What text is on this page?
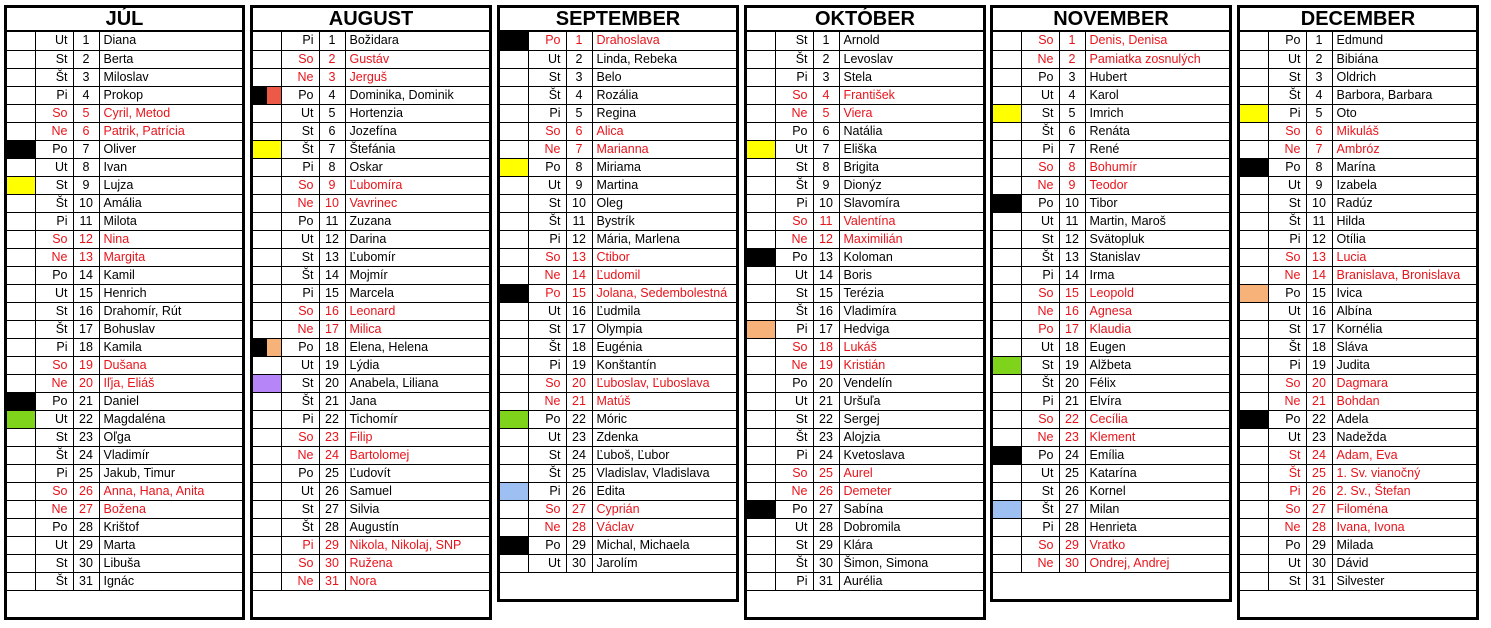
JÚL
	Ut	1	Diana
	St	2	Berta
	Št	3	Miloslav
	Pi	4	Prokop
	So	5	Cyril, Metod
	Ne	6	Patrik, Patrícia
	Po	7	Oliver
	Ut	8	Ivan
	St	9	Lujza
	Št	10	Amália
	Pi	11	Milota
	So	12	Nina
	Ne	13	Margita
	Po	14	Kamil
	Ut	15	Henrich
	St	16	Drahomír, Rút
	Št	17	Bohuslav
	Pi	18	Kamila
	So	19	Dušana
	Ne	20	Iľja, Eliáš
	Po	21	Daniel
	Ut	22	Magdaléna
	St	23	Oľga
	Št	24	Vladimír
	Pi	25	Jakub, Timur
	So	26	Anna, Hana, Anita
	Ne	27	Božena
	Po	28	Krištof
	Ut	29	Marta
	St	30	Libuša
	Št	31	Ignác
AUGUST
	Pi	1	Božidara
	So	2	Gustáv
	Ne	3	Jerguš
	Po	4	Dominika, Dominik
	Ut	5	Hortenzia
	St	6	Jozefína
	Št	7	Štefánia
	Pi	8	Oskar
	So	9	Ľubomíra
	Ne	10	Vavrinec
	Po	11	Zuzana
	Ut	12	Darina
	St	13	Ľubomír
	Št	14	Mojmír
	Pi	15	Marcela
	So	16	Leonard
	Ne	17	Milica
	Po	18	Elena, Helena
	Ut	19	Lýdia
	St	20	Anabela, Liliana
	Št	21	Jana
	Pi	22	Tichomír
	So	23	Filip
	Ne	24	Bartolomej
	Po	25	Ľudovít
	Ut	26	Samuel
	St	27	Silvia
	Št	28	Augustín
	Pi	29	Nikola, Nikolaj, SNP
	So	30	Ružena
	Ne	31	Nora
SEPTEMBER
	Po	1	Drahoslava
	Ut	2	Linda, Rebeka
	St	3	Belo
	Št	4	Rozália
	Pi	5	Regina
	So	6	Alica
	Ne	7	Marianna
	Po	8	Miriama
	Ut	9	Martina
	St	10	Oleg
	Št	11	Bystrík
	Pi	12	Mária, Marlena
	So	13	Ctibor
	Ne	14	Ľudomil
	Po	15	Jolana, Sedembolestná
	Ut	16	Ľudmila
	St	17	Olympia
	Št	18	Eugénia
	Pi	19	Konštantín
	So	20	Ľuboslav, Ľuboslava
	Ne	21	Matúš
	Po	22	Móric
	Ut	23	Zdenka
	St	24	Ľuboš, Ľubor
	Št	25	Vladislav, Vladislava
	Pi	26	Edita
	So	27	Cyprián
	Ne	28	Václav
	Po	29	Michal, Michaela
	Ut	30	Jarolím
OKTÓBER
	St	1	Arnold
	Št	2	Levoslav
	Pi	3	Stela
	So	4	František
	Ne	5	Viera
	Po	6	Natália
	Ut	7	Eliška
	St	8	Brigita
	Št	9	Dionýz
	Pi	10	Slavomíra
	So	11	Valentína
	Ne	12	Maximilián
	Po	13	Koloman
	Ut	14	Boris
	St	15	Terézia
	Št	16	Vladimíra
	Pi	17	Hedviga
	So	18	Lukáš
	Ne	19	Kristián
	Po	20	Vendelín
	Ut	21	Uršuľa
	St	22	Sergej
	Št	23	Alojzia
	Pi	24	Kvetoslava
	So	25	Aurel
	Ne	26	Demeter
	Po	27	Sabína
	Ut	28	Dobromila
	St	29	Klára
	Št	30	Šimon, Simona
	Pi	31	Aurélia
NOVEMBER
	So	1	Denis, Denisa
	Ne	2	Pamiatka zosnulých
	Po	3	Hubert
	Ut	4	Karol
	St	5	Imrich
	Št	6	Renáta
	Pi	7	René
	So	8	Bohumír
	Ne	9	Teodor
	Po	10	Tibor
	Ut	11	Martin, Maroš
	St	12	Svätopluk
	Št	13	Stanislav
	Pi	14	Irma
	So	15	Leopold
	Ne	16	Agnesa
	Po	17	Klaudia
	Ut	18	Eugen
	St	19	Alžbeta
	Št	20	Félix
	Pi	21	Elvíra
	So	22	Cecília
	Ne	23	Klement
	Po	24	Emília
	Ut	25	Katarína
	St	26	Kornel
	Št	27	Milan
	Pi	28	Henrieta
	So	29	Vratko
	Ne	30	Ondrej, Andrej
DECEMBER
	Po	1	Edmund
	Ut	2	Bibiána
	St	3	Oldrich
	Št	4	Barbora, Barbara
	Pi	5	Oto
	So	6	Mikuláš
	Ne	7	Ambróz
	Po	8	Marína
	Ut	9	Izabela
	St	10	Radúz
	Št	11	Hilda
	Pi	12	Otília
	So	13	Lucia
	Ne	14	Branislava, Bronislava
	Po	15	Ivica
	Ut	16	Albína
	St	17	Kornélia
	Št	18	Sláva
	Pi	19	Judita
	So	20	Dagmara
	Ne	21	Bohdan
	Po	22	Adela
	Ut	23	Nadežda
	St	24	Adam, Eva
	Št	25	1. Sv. vianočný
	Pi	26	2. Sv., Štefan
	So	27	Filoména
	Ne	28	Ivana, Ivona
	Po	29	Milada
	Ut	30	Dávid
	St	31	Silvester
